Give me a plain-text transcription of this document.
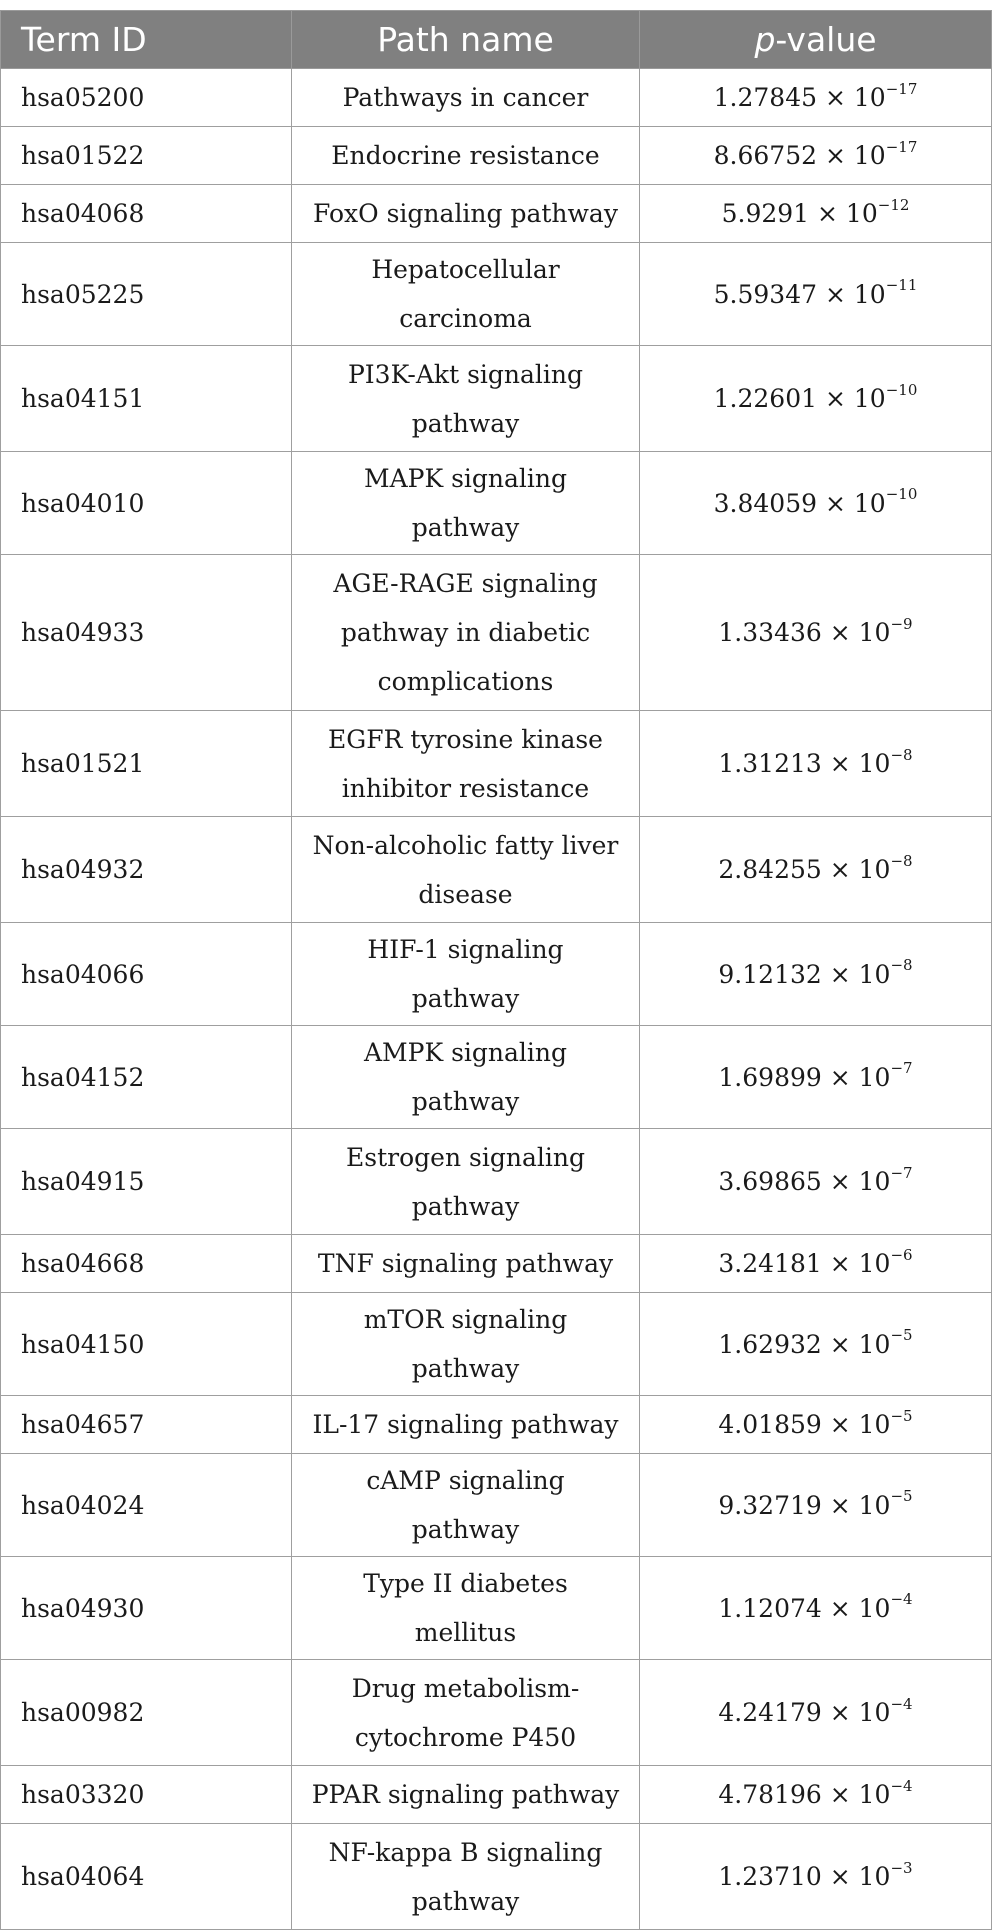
Term ID	Path name	p-value
hsa05200	Pathways in cancer	$1.27845 \times 10^{-17}$
hsa01522	Endocrine resistance	$8.66752 \times 10^{-17}$
hsa04068	FoxO signaling pathway	$5.9291 \times 10^{-12}$
hsa05225	Hepatocellular carcinoma	$5.59347 \times 10^{-11}$
hsa04151	PI3K-Akt signaling pathway	$1.22601 \times 10^{-10}$
hsa04010	MAPK signaling pathway	$3.84059 \times 10^{-10}$
hsa04933	AGE-RAGE signaling pathway in diabetic complications	$1.33436 \times 10^{-9}$
hsa01521	EGFR tyrosine kinase inhibitor resistance	$1.31213 \times 10^{-8}$
hsa04932	Non-alcoholic fatty liver disease	$2.84255 \times 10^{-8}$
hsa04066	HIF-1 signaling pathway	$9.12132 \times 10^{-8}$
hsa04152	AMPK signaling pathway	$1.69899 \times 10^{-7}$
hsa04915	Estrogen signaling pathway	$3.69865 \times 10^{-7}$
hsa04668	TNF signaling pathway	$3.24181 \times 10^{-6}$
hsa04150	mTOR signaling pathway	$1.62932 \times 10^{-5}$
hsa04657	IL-17 signaling pathway	$4.01859 \times 10^{-5}$
hsa04024	cAMP signaling pathway	$9.32719 \times 10^{-5}$
hsa04930	Type II diabetes mellitus	$1.12074 \times 10^{-4}$
hsa00982	Drug metabolism-cytochrome P450	$4.24179 \times 10^{-4}$
hsa03320	PPAR signaling pathway	$4.78196 \times 10^{-4}$
hsa04064	NF-kappa B signaling pathway	$1.23710 \times 10^{-3}$
